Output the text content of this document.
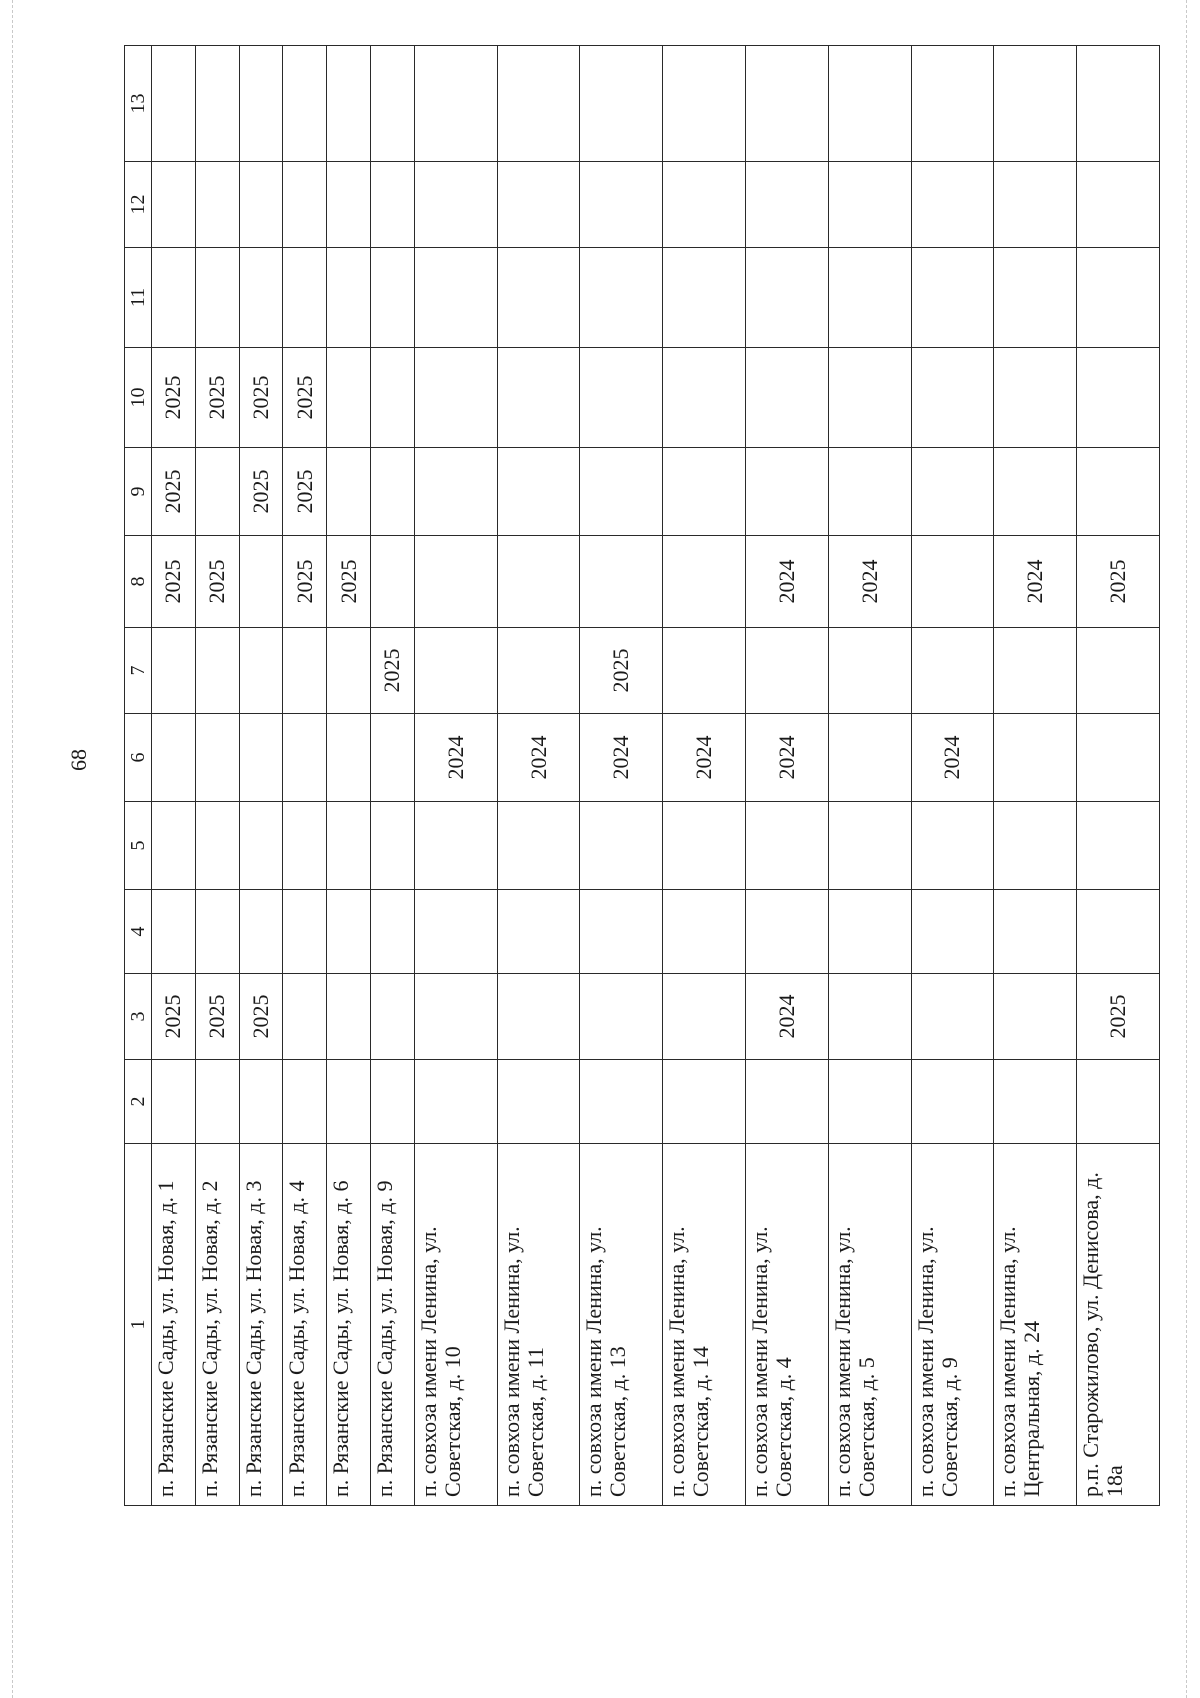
68
1	2	3	4	5	6	7	8	9	10	11	12	13
п. Рязанские Сады, ул. Новая, д. 1		2025					2025	2025	2025			
п. Рязанские Сады, ул. Новая, д. 2		2025					2025		2025			
п. Рязанские Сады, ул. Новая, д. 3		2025						2025	2025			
п. Рязанские Сады, ул. Новая, д. 4							2025	2025	2025			
п. Рязанские Сады, ул. Новая, д. 6							2025					
п. Рязанские Сады, ул. Новая, д. 9						2025						
п. совхоза имени Ленина, ул. Советская, д. 10					2024							
п. совхоза имени Ленина, ул. Советская, д. 11					2024							
п. совхоза имени Ленина, ул. Советская, д. 13					2024	2025						
п. совхоза имени Ленина, ул. Советская, д. 14					2024							
п. совхоза имени Ленина, ул. Советская, д. 4		2024			2024		2024					
п. совхоза имени Ленина, ул. Советская, д. 5							2024					
п. совхоза имени Ленина, ул. Советская, д. 9					2024							
п. совхоза имени Ленина, ул. Центральная, д. 24							2024					
р.п. Старожилово, ул. Денисова, д. 18а		2025					2025					
